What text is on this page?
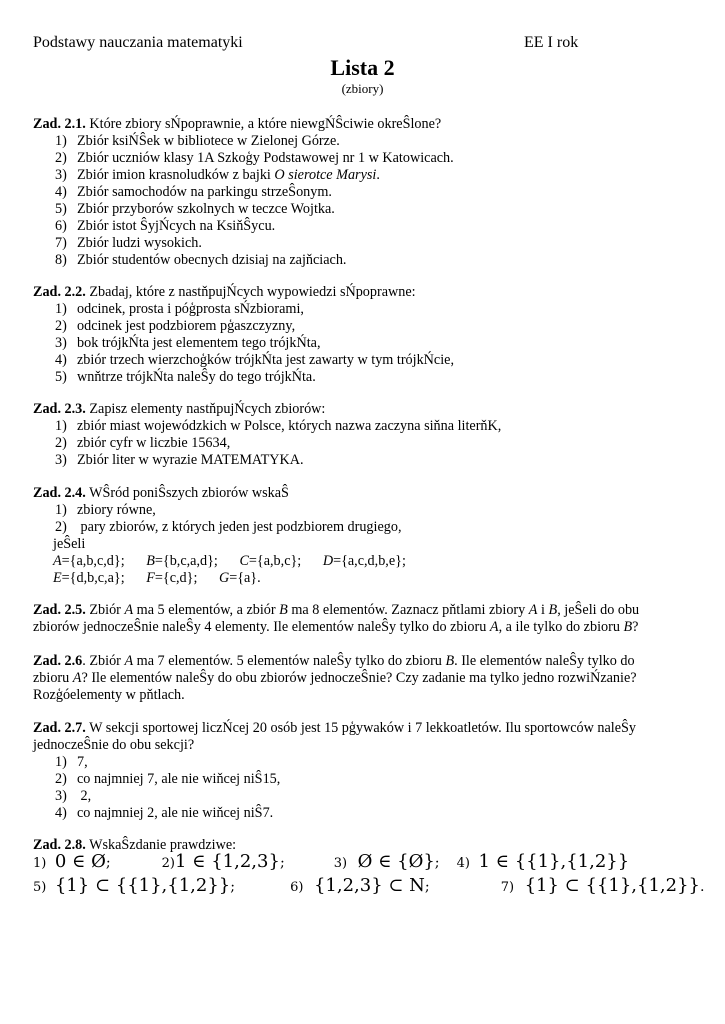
Podstawy nauczania matematyki	EE I rok
Lista 2
(zbiory)
Zad. 2.1. Które zbiory sŃpoprawnie, a które niewgŃŜciwie okreŜlone?
1) Zbiór ksiŃŜek w bibliotece w Zielonej Górze.
2) Zbiór uczniów klasy 1A Szkoģy Podstawowej nr 1 w Katowicach.
3) Zbiór imion krasnoludków z bajki O sierotce Marysi.
4) Zbiór samochodów na parkingu strzeŜonym.
5) Zbiór przyborów szkolnych w teczce Wojtka.
6) Zbiór istot ŜyjŃcych na KsiňŜycu.
7) Zbiór ludzi wysokich.
8) Zbiór studentów obecnych dzisiaj na zajňciach.
Zad. 2.2. Zbadaj, które z nastňpujŃcych wypowiedzi sŃpoprawne:
1) odcinek, prosta i póģprosta sŃzbiorami,
2) odcinek jest podzbiorem pģaszczyzny,
3) bok trójkŃta jest elementem tego trójkŃta,
4) zbiór trzech wierzchoģków trójkŃta jest zawarty w tym trójkŃcie,
5) wnňtrze trójkŃta naleŜy do tego trójkŃta.
Zad. 2.3. Zapisz elementy nastňpujŃcych zbiorów:
1) zbiór miast wojewódzkich w Polsce, których nazwa zaczyna siňna literňK,
2) zbiór cyfr w liczbie 15634,
3) Zbiór liter w wyrazie MATEMATYKA.
Zad. 2.4. WŜród poniŜszych zbiorów wskaŜ
1) zbiory równe,
2) pary zbiorów, z których jeden jest podzbiorem drugiego,
jeŜeli
A={a,b,c,d}; B={b,c,a,d}; C={a,b,c}; D={a,c,d,b,e};
E={d,b,c,a}; F={c,d}; G={a}.
Zad. 2.5. Zbiór A ma 5 elementów, a zbiór B ma 8 elementów. Zaznacz pňtlami zbiory A i B, jeŜeli do obu
zbiorów jednoczeŜnie naleŜy 4 elementy. Ile elementów naleŜy tylko do zbioru A, a ile tylko do zbioru B?
Zad. 2.6. Zbiór A ma 7 elementów. 5 elementów naleŜy tylko do zbioru B. Ile elementów naleŜy tylko do
zbioru A? Ile elementów naleŜy do obu zbiorów jednoczeŜnie? Czy zadanie ma tylko jedno rozwiŃzanie?
Rozģóelementy w pňtlach.
Zad. 2.7. W sekcji sportowej liczŃcej 20 osób jest 15 pģywaków i 7 lekkoatletów. Ilu sportowców naleŜy
jednoczeŜnie do obu sekcji?
1) 7,
2) co najmniej 7, ale nie wiňcej niŜ15,
3) 2,
4) co najmniej 2, ale nie wiňcej niŜ7.
Zad. 2.8. WskaŜzdanie prawdziwe:
1) 0 ∈ Ø;	2)1 ∈ {1,2,3};	3) Ø ∈ {Ø}; 4) 1 ∈ {{1},{1,2}}
5) {1} ⊂ {{1},{1,2}};	6) {1,2,3} ⊂ N;	7) {1} ⊂ {{1},{1,2}}.
